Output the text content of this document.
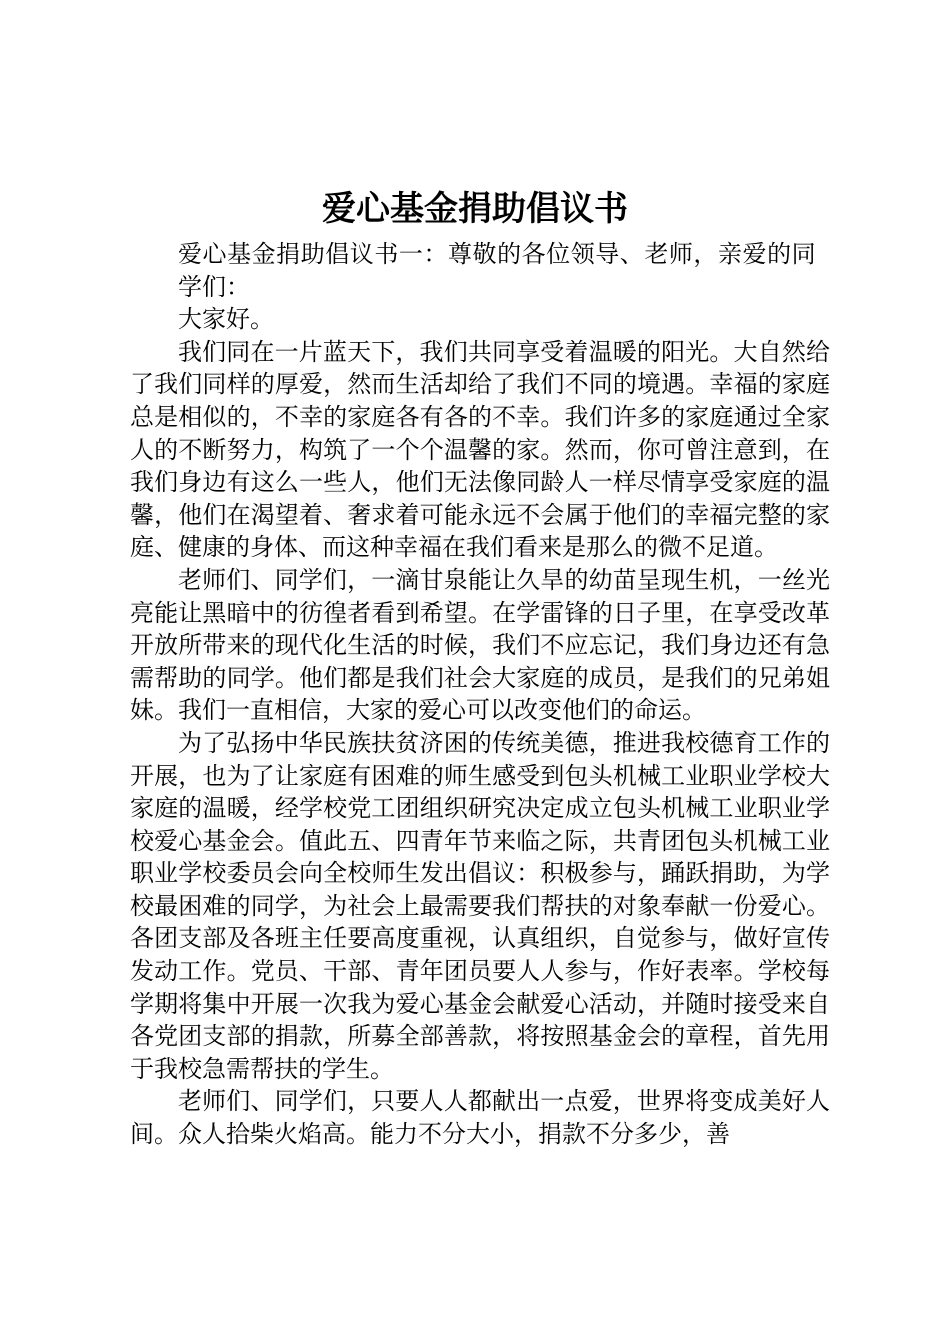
爱心基金捐助倡议书

爱心基金捐助倡议书一：尊敬的各位领导、老师，亲爱的同学们：

大家好。

我们同在一片蓝天下，我们共同享受着温暖的阳光。大自然给了我们同样的厚爱，然而生活却给了我们不同的境遇。幸福的家庭总是相似的，不幸的家庭各有各的不幸。我们许多的家庭通过全家人的不断努力，构筑了一个个温馨的家。然而，你可曾注意到，在我们身边有这么一些人，他们无法像同龄人一样尽情享受家庭的温馨，他们在渴望着、奢求着可能永远不会属于他们的幸福完整的家庭、健康的身体、而这种幸福在我们看来是那么的微不足道。

老师们、同学们，一滴甘泉能让久旱的幼苗呈现生机，一丝光亮能让黑暗中的彷徨者看到希望。在学雷锋的日子里，在享受改革开放所带来的现代化生活的时候，我们不应忘记，我们身边还有急需帮助的同学。他们都是我们社会大家庭的成员，是我们的兄弟姐妹。我们一直相信，大家的爱心可以改变他们的命运。

为了弘扬中华民族扶贫济困的传统美德，推进我校德育工作的开展，也为了让家庭有困难的师生感受到包头机械工业职业学校大家庭的温暖，经学校党工团组织研究决定成立包头机械工业职业学校爱心基金会。值此五、四青年节来临之际，共青团包头机械工业职业学校委员会向全校师生发出倡议：积极参与，踊跃捐助，为学校最困难的同学，为社会上最需要我们帮扶的对象奉献一份爱心。各团支部及各班主任要高度重视，认真组织，自觉参与，做好宣传发动工作。党员、干部、青年团员要人人参与，作好表率。学校每学期将集中开展一次我为爱心基金会献爱心活动，并随时接受来自各党团支部的捐款，所募全部善款，将按照基金会的章程，首先用于我校急需帮扶的学生。

老师们、同学们，只要人人都献出一点爱，世界将变成美好人间。众人拾柴火焰高。能力不分大小，捐款不分多少，善
